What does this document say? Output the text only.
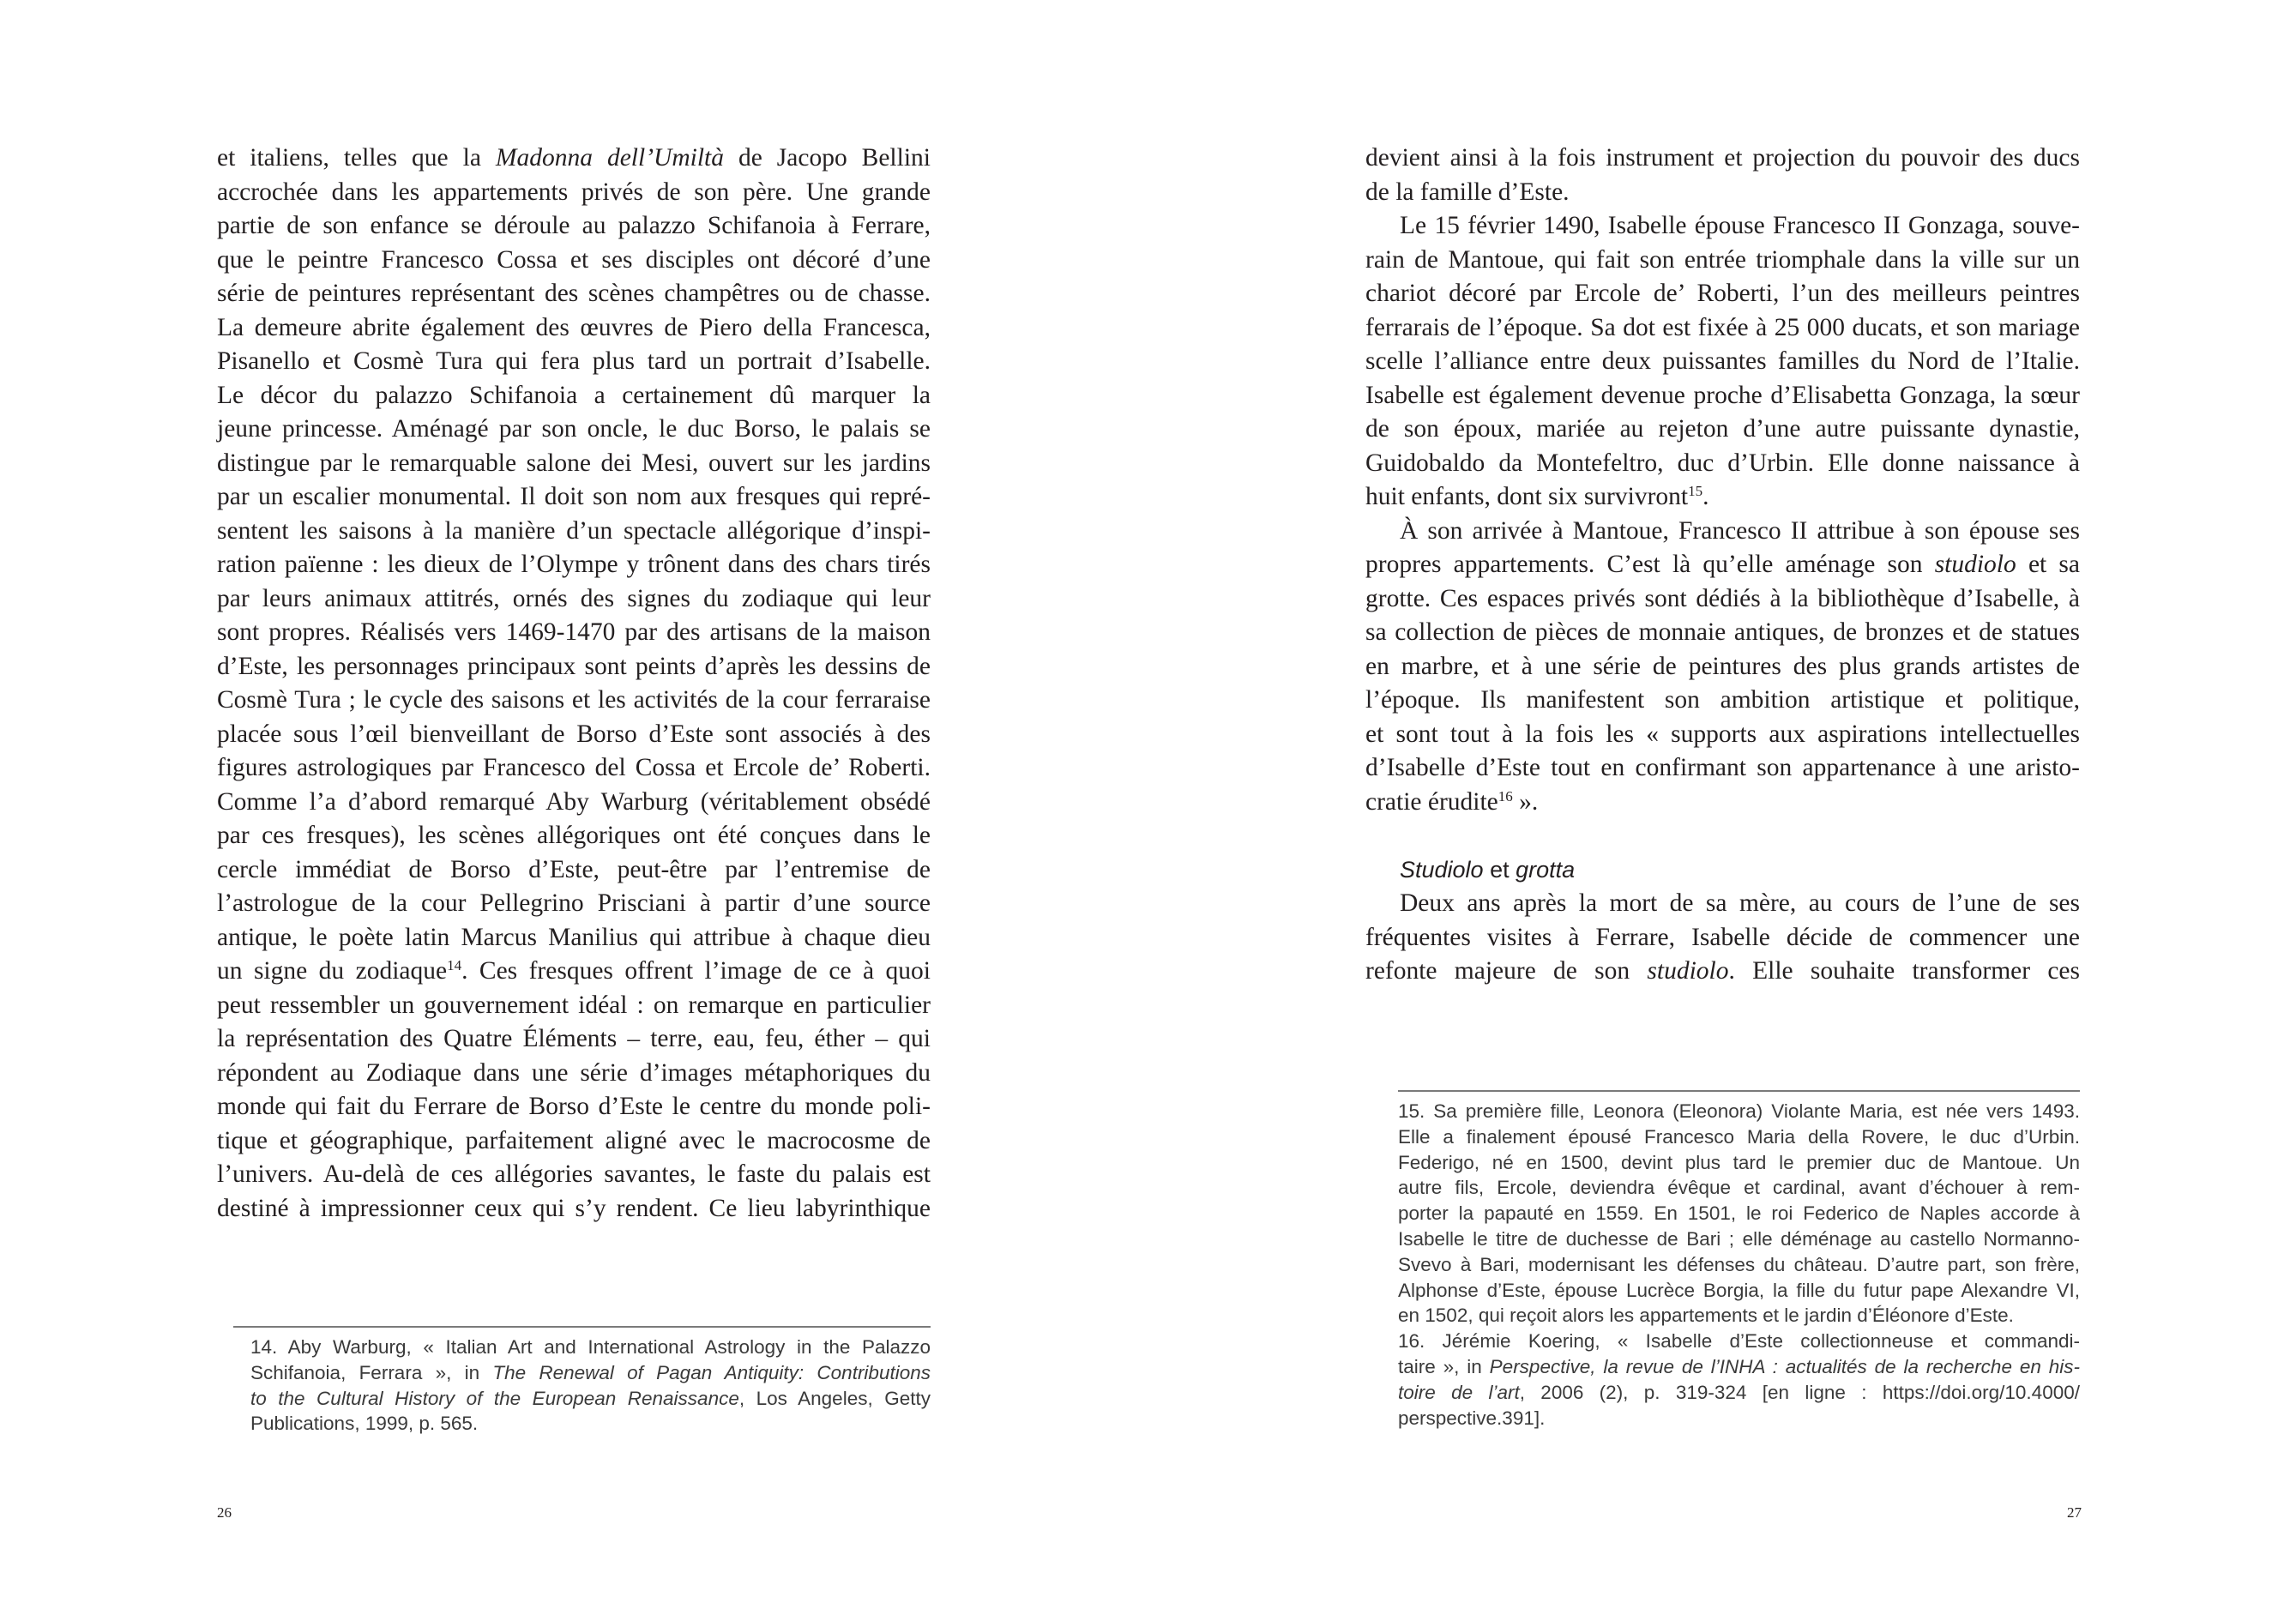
et italiens, telles que la Madonna dell’Umiltà de Jacopo Bellini
accrochée dans les appartements privés de son père. Une grande
partie de son enfance se déroule au palazzo Schifanoia à Ferrare,
que le peintre Francesco Cossa et ses disciples ont décoré d’une
série de peintures représentant des scènes champêtres ou de chasse.
La demeure abrite également des œuvres de Piero della Francesca,
Pisanello et Cosmè Tura qui fera plus tard un portrait d’Isabelle.
Le décor du palazzo Schifanoia a certainement dû marquer la
jeune princesse. Aménagé par son oncle, le duc Borso, le palais se
distingue par le remarquable salone dei Mesi, ouvert sur les jardins
par un escalier monumental. Il doit son nom aux fresques qui repré-
sentent les saisons à la manière d’un spectacle allégorique d’inspi-
ration païenne : les dieux de l’Olympe y trônent dans des chars tirés
par leurs animaux attitrés, ornés des signes du zodiaque qui leur
sont propres. Réalisés vers 1469-1470 par des artisans de la maison
d’Este, les personnages principaux sont peints d’après les dessins de
Cosmè Tura ; le cycle des saisons et les activités de la cour ferraraise
placée sous l’œil bienveillant de Borso d’Este sont associés à des
figures astrologiques par Francesco del Cossa et Ercole de’ Roberti.
Comme l’a d’abord remarqué Aby Warburg (véritablement obsédé
par ces fresques), les scènes allégoriques ont été conçues dans le
cercle immédiat de Borso d’Este, peut-être par l’entremise de
l’astrologue de la cour Pellegrino Prisciani à partir d’une source
antique, le poète latin Marcus Manilius qui attribue à chaque dieu
un signe du zodiaque$^{14}$. Ces fresques offrent l’image de ce à quoi
peut ressembler un gouvernement idéal : on remarque en particulier
la représentation des Quatre Éléments – terre, eau, feu, éther – qui
répondent au Zodiaque dans une série d’images métaphoriques du
monde qui fait du Ferrare de Borso d’Este le centre du monde poli-
tique et géographique, parfaitement aligné avec le macrocosme de
l’univers. Au-delà de ces allégories savantes, le faste du palais est
destiné à impressionner ceux qui s’y rendent. Ce lieu labyrinthique

14. Aby Warburg, « Italian Art and International Astrology in the Palazzo
Schifanoia, Ferrara », in The Renewal of Pagan Antiquity: Contributions
to the Cultural History of the European Renaissance, Los Angeles, Getty
Publications, 1999, p. 565.
26

devient ainsi à la fois instrument et projection du pouvoir des ducs
de la famille d’Este.

Le 15 février 1490, Isabelle épouse Francesco II Gonzaga, souve-
rain de Mantoue, qui fait son entrée triomphale dans la ville sur un
chariot décoré par Ercole de’ Roberti, l’un des meilleurs peintres
ferrarais de l’époque. Sa dot est fixée à 25 000 ducats, et son mariage
scelle l’alliance entre deux puissantes familles du Nord de l’Italie.
Isabelle est également devenue proche d’Elisabetta Gonzaga, la sœur
de son époux, mariée au rejeton d’une autre puissante dynastie,
Guidobaldo da Montefeltro, duc d’Urbin. Elle donne naissance à
huit enfants, dont six survivront$^{15}$.

À son arrivée à Mantoue, Francesco II attribue à son épouse ses
propres appartements. C’est là qu’elle aménage son studiolo et sa
grotte. Ces espaces privés sont dédiés à la bibliothèque d’Isabelle, à
sa collection de pièces de monnaie antiques, de bronzes et de statues
en marbre, et à une série de peintures des plus grands artistes de
l’époque. Ils manifestent son ambition artistique et politique,
et sont tout à la fois les « supports aux aspirations intellectuelles
d’Isabelle d’Este tout en confirmant son appartenance à une aristo-
cratie érudite$^{16}$ ».

Studiolo et grotta

Deux ans après la mort de sa mère, au cours de l’une de ses
fréquentes visites à Ferrare, Isabelle décide de commencer une
refonte majeure de son studiolo. Elle souhaite transformer ces

15. Sa première fille, Leonora (Eleonora) Violante Maria, est née vers 1493.
Elle a finalement épousé Francesco Maria della Rovere, le duc d’Urbin.
Federigo, né en 1500, devint plus tard le premier duc de Mantoue. Un
autre fils, Ercole, deviendra évêque et cardinal, avant d’échouer à rem-
porter la papauté en 1559. En 1501, le roi Federico de Naples accorde à
Isabelle le titre de duchesse de Bari ; elle déménage au castello Normanno-
Svevo à Bari, modernisant les défenses du château. D’autre part, son frère,
Alphonse d’Este, épouse Lucrèce Borgia, la fille du futur pape Alexandre VI,
en 1502, qui reçoit alors les appartements et le jardin d’Éléonore d’Este.
16. Jérémie Koering, « Isabelle d’Este collectionneuse et commandi-
taire », in Perspective, la revue de l’INHA : actualités de la recherche en his-
toire de l’art, 2006 (2), p. 319-324 [en ligne : https://doi.org/10.4000/
perspective.391].
27
